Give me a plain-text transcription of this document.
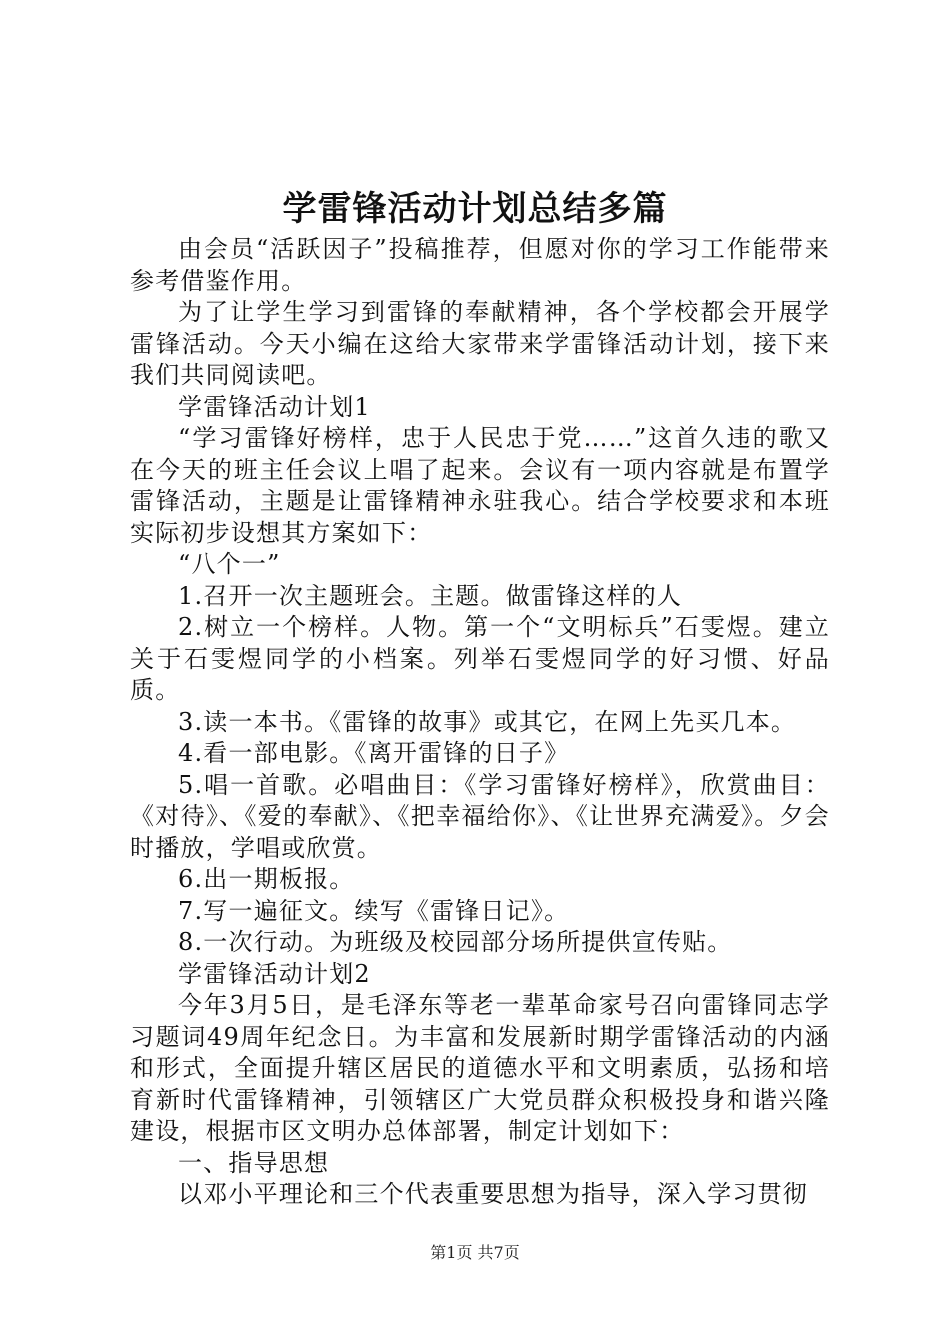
学雷锋活动计划总结多篇

由会员“活跃因子”投稿推荐，但愿对你的学习工作能带来参考借鉴作用。

为了让学生学习到雷锋的奉献精神，各个学校都会开展学雷锋活动。今天小编在这给大家带来学雷锋活动计划，接下来我们共同阅读吧。

学雷锋活动计划1

“学习雷锋好榜样，忠于人民忠于党……”这首久违的歌又在今天的班主任会议上唱了起来。会议有一项内容就是布置学雷锋活动，主题是让雷锋精神永驻我心。结合学校要求和本班实际初步设想其方案如下：

“八个一”

1.召开一次主题班会。主题。做雷锋这样的人

2.树立一个榜样。人物。第一个“文明标兵”石雯煜。建立关于石雯煜同学的小档案。列举石雯煜同学的好习惯、好品质。

3.读一本书。《雷锋的故事》或其它，在网上先买几本。

4.看一部电影。《离开雷锋的日子》

5.唱一首歌。必唱曲目：《学习雷锋好榜样》，欣赏曲目：《对待》、《爱的奉献》、《把幸福给你》、《让世界充满爱》。夕会时播放，学唱或欣赏。

6.出一期板报。

7.写一遍征文。续写《雷锋日记》。

8.一次行动。为班级及校园部分场所提供宣传贴。

学雷锋活动计划2

今年3月5日，是毛泽东等老一辈革命家号召向雷锋同志学习题词49周年纪念日。为丰富和发展新时期学雷锋活动的内涵和形式，全面提升辖区居民的道德水平和文明素质，弘扬和培育新时代雷锋精神，引领辖区广大党员群众积极投身和谐兴隆建设，根据市区文明办总体部署，制定计划如下：

一、指导思想

以邓小平理论和三个代表重要思想为指导，深入学习贯彻

第1页 共7页
